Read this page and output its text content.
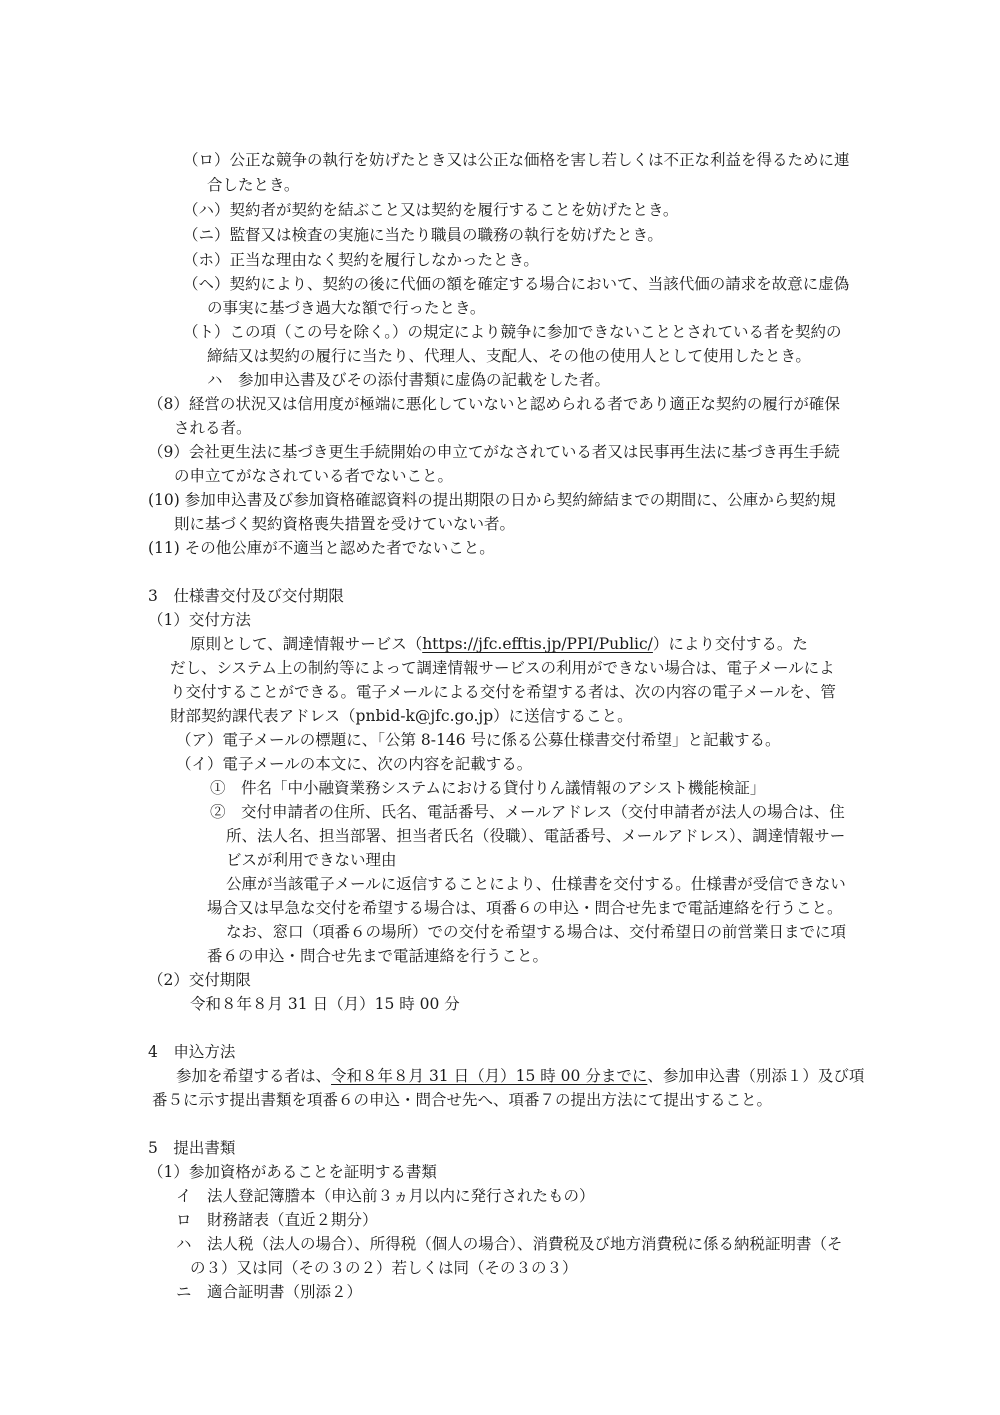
（ロ）公正な競争の執行を妨げたとき又は公正な価格を害し若しくは不正な利益を得るために連
合したとき。
（ハ）契約者が契約を結ぶこと又は契約を履行することを妨げたとき。
（ニ）監督又は検査の実施に当たり職員の職務の執行を妨げたとき。
（ホ）正当な理由なく契約を履行しなかったとき。
（ヘ）契約により、契約の後に代価の額を確定する場合において、当該代価の請求を故意に虚偽
の事実に基づき過大な額で行ったとき。
（ト）この項（この号を除く。）の規定により競争に参加できないこととされている者を契約の
締結又は契約の履行に当たり、代理人、支配人、その他の使用人として使用したとき。
ハ　参加申込書及びその添付書類に虚偽の記載をした者。
（8）経営の状況又は信用度が極端に悪化していないと認められる者であり適正な契約の履行が確保
される者。
（9）会社更生法に基づき更生手続開始の申立てがなされている者又は民事再生法に基づき再生手続
の申立てがなされている者でないこと。
(10) 参加申込書及び参加資格確認資料の提出期限の日から契約締結までの期間に、公庫から契約規
則に基づく契約資格喪失措置を受けていない者。
(11) その他公庫が不適当と認めた者でないこと。
3　仕様書交付及び交付期限
（1）交付方法
原則として、調達情報サービス（https://jfc.efftis.jp/PPI/Public/）により交付する。た
だし、システム上の制約等によって調達情報サービスの利用ができない場合は、電子メールによ
り交付することができる。電子メールによる交付を希望する者は、次の内容の電子メールを、管
財部契約課代表アドレス（pnbid-k@jfc.go.jp）に送信すること。
（ア）電子メールの標題に、「公第 8-146 号に係る公募仕様書交付希望」と記載する。
（イ）電子メールの本文に、次の内容を記載する。
①　件名「中小融資業務システムにおける貸付りん議情報のアシスト機能検証」
②　交付申請者の住所、氏名、電話番号、メールアドレス（交付申請者が法人の場合は、住
所、法人名、担当部署、担当者氏名（役職）、電話番号、メールアドレス）、調達情報サー
ビスが利用できない理由
公庫が当該電子メールに返信することにより、仕様書を交付する。仕様書が受信できない
場合又は早急な交付を希望する場合は、項番６の申込・問合せ先まで電話連絡を行うこと。
なお、窓口（項番６の場所）での交付を希望する場合は、交付希望日の前営業日までに項
番６の申込・問合せ先まで電話連絡を行うこと。
（2）交付期限
令和８年８月 31 日（月）15 時 00 分
4　申込方法
参加を希望する者は、令和８年８月 31 日（月）15 時 00 分までに、参加申込書（別添１）及び項
番５に示す提出書類を項番６の申込・問合せ先へ、項番７の提出方法にて提出すること。
5　提出書類
（1）参加資格があることを証明する書類
イ　法人登記簿謄本（申込前３ヵ月以内に発行されたもの）
ロ　財務諸表（直近２期分）
ハ　法人税（法人の場合）、所得税（個人の場合）、消費税及び地方消費税に係る納税証明書（そ
の３）又は同（その３の２）若しくは同（その３の３）
ニ　適合証明書（別添２）
